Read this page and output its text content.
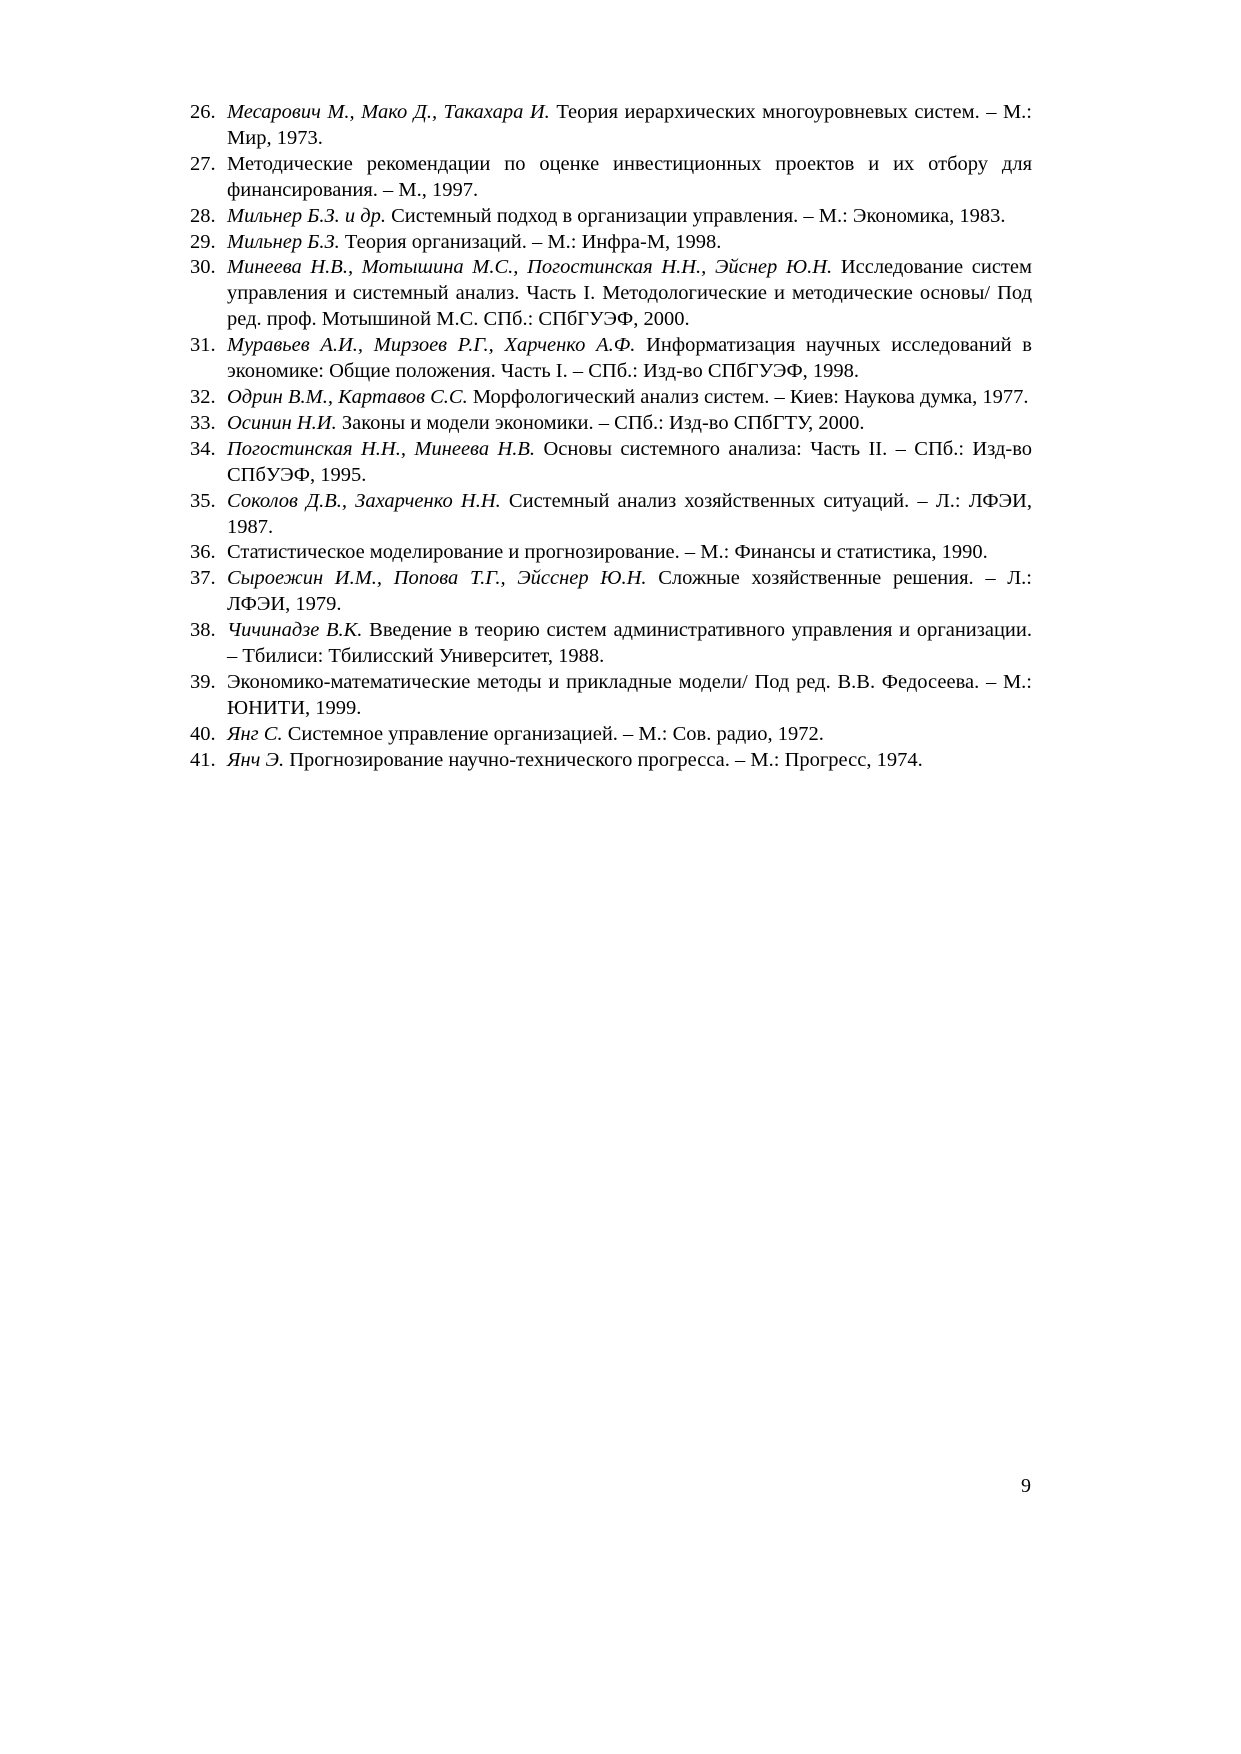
26. Месарович М., Мако Д., Такахара И. Теория иерархических многоуровневых систем. – М.: Мир, 1973.
27. Методические рекомендации по оценке инвестиционных проектов и их отбору для финансирования. – М., 1997.
28. Мильнер Б.З. и др. Системный подход в организации управления. – М.: Экономика, 1983.
29. Мильнер Б.З. Теория организаций. – М.: Инфра-М, 1998.
30. Минеева Н.В., Мотышина М.С., Погостинская Н.Н., Эйснер Ю.Н. Исследование систем управления и системный анализ. Часть I. Методологические и методические основы/ Под ред. проф. Мотышиной М.С. СПб.: СПбГУЭФ, 2000.
31. Муравьев А.И., Мирзоев Р.Г., Харченко А.Ф. Информатизация научных исследований в экономике: Общие положения. Часть I. – СПб.: Изд-во СПбГУЭФ, 1998.
32. Одрин В.М., Картавов С.С. Морфологический анализ систем. – Киев: Наукова думка, 1977.
33. Осинин Н.И. Законы и модели экономики. – СПб.: Изд-во СПбГТУ, 2000.
34. Погостинская Н.Н., Минеева Н.В. Основы системного анализа: Часть II. – СПб.: Изд-во СПбУЭФ, 1995.
35. Соколов Д.В., Захарченко Н.Н. Системный анализ хозяйственных ситуаций. – Л.: ЛФЭИ, 1987.
36. Статистическое моделирование и прогнозирование. – М.: Финансы и статистика, 1990.
37. Сыроежин И.М., Попова Т.Г., Эйсснер Ю.Н. Сложные хозяйственные решения. – Л.: ЛФЭИ, 1979.
38. Чичинадзе В.К. Введение в теорию систем административного управления и организации. – Тбилиси: Тбилисский Университет, 1988.
39. Экономико-математические методы и прикладные модели/ Под ред. В.В. Федосеева. – М.: ЮНИТИ, 1999.
40. Янг С. Системное управление организацией. – М.: Сов. радио, 1972.
41. Янч Э. Прогнозирование научно-технического прогресса. – М.: Прогресс, 1974.
9
